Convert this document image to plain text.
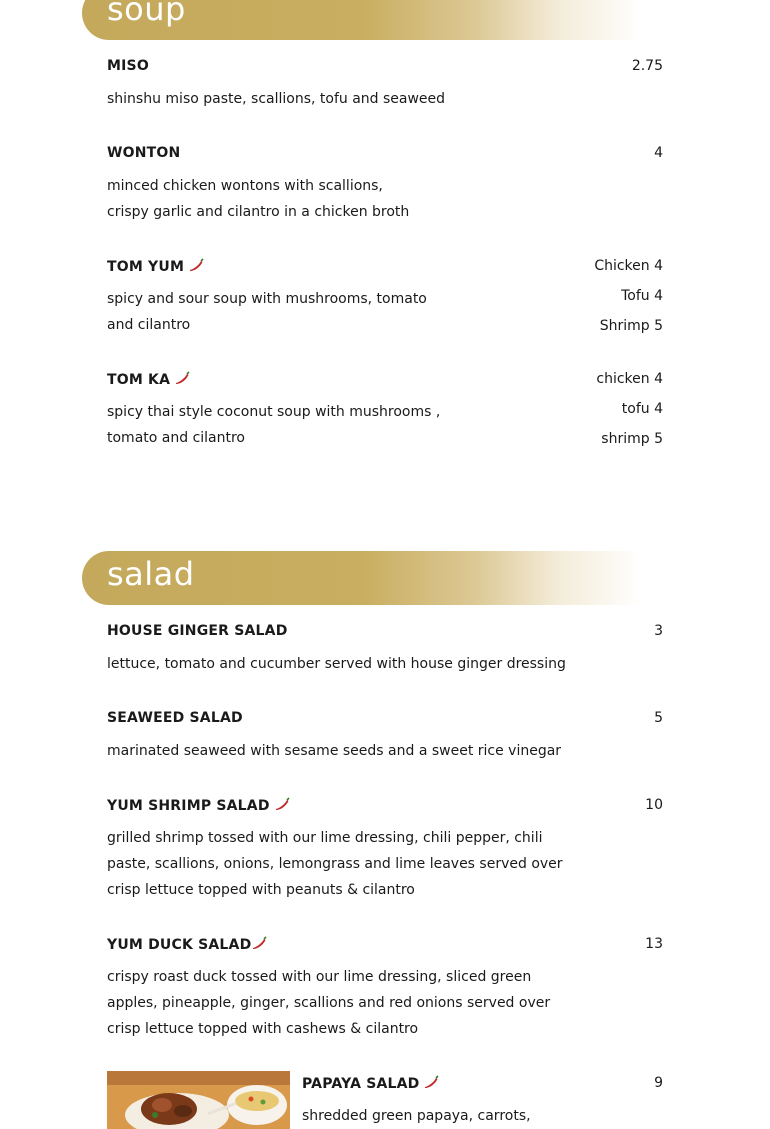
soup
MISO	2.75
shinshu miso paste, scallions, tofu and seaweed
WONTON	4
minced chicken wontons with scallions,
crispy garlic and cilantro in a chicken broth
TOM YUM	Chicken 4
Tofu 4
Shrimp 5
spicy and sour soup with mushrooms, tomato
and cilantro
TOM KA	chicken 4
tofu 4
shrimp 5
spicy thai style coconut soup with mushrooms ,
tomato and cilantro
salad
HOUSE GINGER SALAD	3
lettuce, tomato and cucumber served with house ginger dressing
SEAWEED SALAD	5
marinated seaweed with sesame seeds and a sweet rice vinegar
YUM SHRIMP SALAD	10
grilled shrimp tossed with our lime dressing, chili pepper, chili
paste, scallions, onions, lemongrass and lime leaves served over
crisp lettuce topped with peanuts & cilantro
YUM DUCK SALAD	13
crispy roast duck tossed with our lime dressing, sliced green
apples, pineapple, ginger, scallions and red onions served over
crisp lettuce topped with cashews & cilantro
PAPAYA SALAD	9
shredded green papaya, carrots,
